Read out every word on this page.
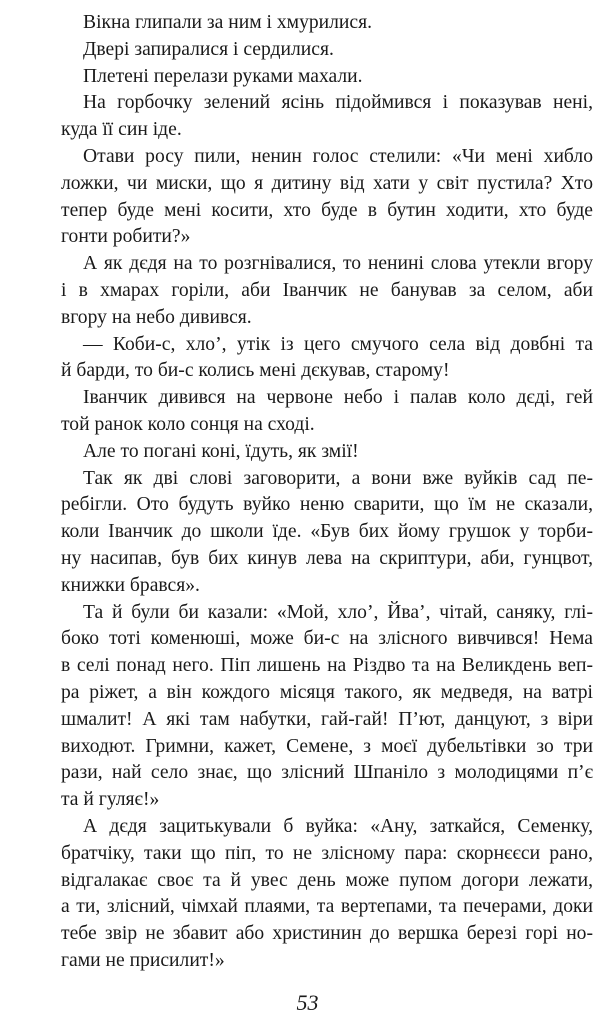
Вікна глипали за ним і хмурилися.
Двері запиралися і сердилися.
Плетені перелази руками махали.
На горбочку зелений ясінь підоймився і показував нені,
куда її син іде.
Отави росу пили, ненин голос стелили: «Чи мені хибло
ложки, чи миски, що я дитину від хати у світ пустила? Хто
тепер буде мені косити, хто буде в бутин ходити, хто буде
гонти робити?»
А як дєдя на то розгнівалися, то ненині слова утекли вгору
і в хмарах горіли, аби Іванчик не банував за селом, аби
вгору на небо дивився.
— Коби-с, хло’, утік із цего смучого села від довбні та
й барди, то би-с колись мені дєкував, старому!
Іванчик дивився на червоне небо і палав коло дєді, гей
той ранок коло сонця на сході.
Але то погані коні, їдуть, як змії!
Так як дві слові заговорити, а вони вже вуйків сад пе-
ребігли. Ото будуть вуйко неню сварити, що їм не сказали,
коли Іванчик до школи їде. «Був бих йому грушок у торби-
ну насипав, був бих кинув лева на скриптури, аби, гунцвот,
книжки брався».
Та й були би казали: «Мой, хло’, Йва’, чітай, саняку, глі-
боко тоті коменюші, може би-с на злісного вивчився! Нема
в селі понад него. Піп лишень на Різдво та на Великдень веп-
ра ріжет, а він кождого місяця такого, як медведя, на ватрі
шмалит! А які там набутки, гай-гай! П’ют, данцуют, з віри
виходют. Гримни, кажет, Семене, з моєї дубельтівки зо три
рази, най село знає, що злісний Шпаніло з молодицями п’є
та й гуляє!»
А дєдя зацитькували б вуйка: «Ану, заткайся, Семенку,
братчіку, таки що піп, то не злісному пара: скорнєєси рано,
відгалакає своє та й увес день може пупом догори лежати,
а ти, злісний, чімхай плаями, та вертепами, та печерами, доки
тебе звір не збавит або христинин до вершка березі горі но-
гами не присилит!»
53
